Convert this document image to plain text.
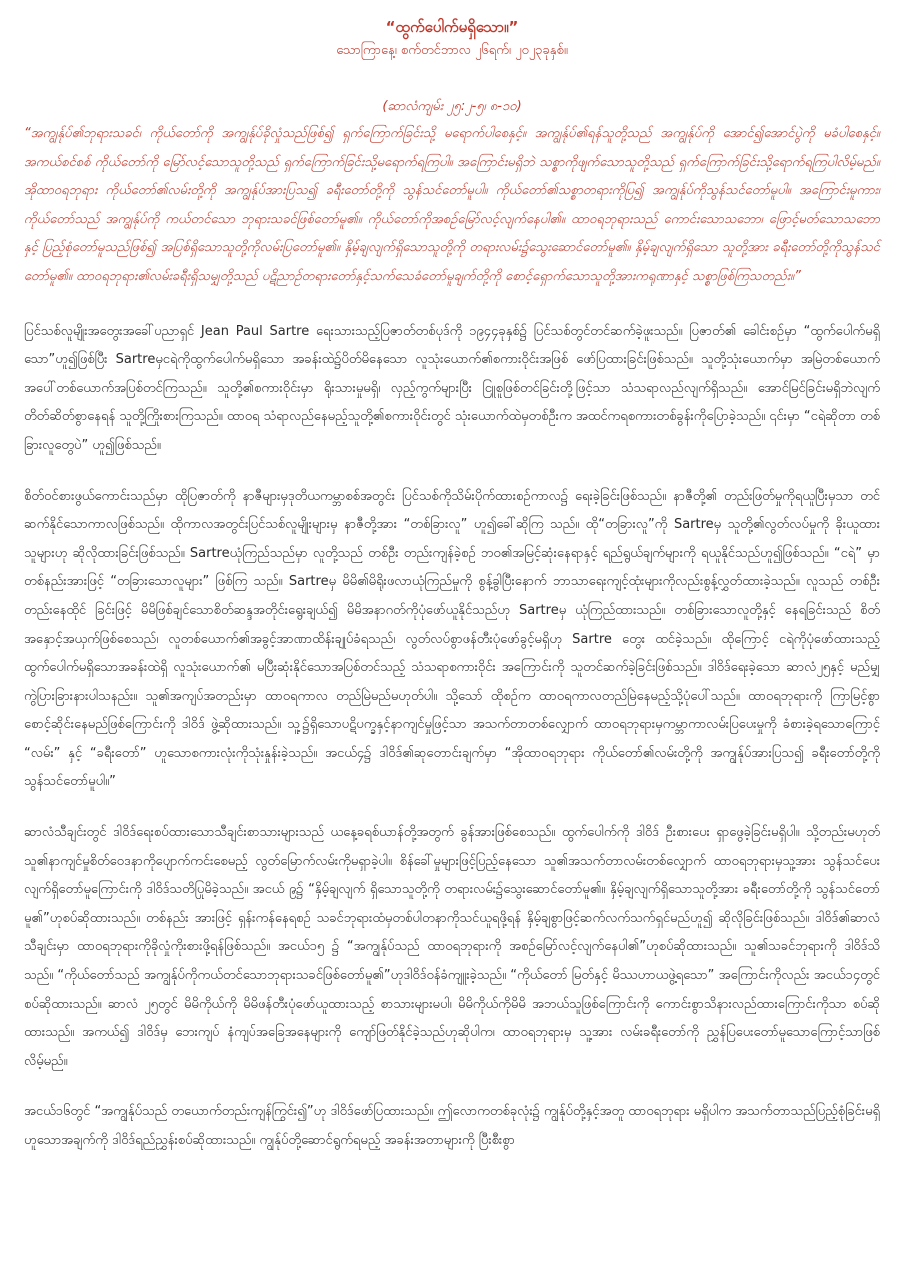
“ထွက်ပေါက်မရှိသော။”

သောကြာနေ့၊ စက်တင်ဘာလ ၂၆ရက်၊ ၂၀၂၃ခုနှစ်။

(ဆာလံကျမ်း ၂၅:၂-၅၊ ၈-၁၀)

“အကျွန်ုပ်၏ဘုရားသခင်၊ ကိုယ်တော်ကို အကျွန်ုပ်ခိုလှုံသည်ဖြစ်၍ ရှက်ကြောက်ခြင်းသို့ မရောက်ပါစေနှင့်။ အကျွန်ုပ်၏ရန်သူတို့သည် အကျွန်ုပ်ကို အောင်၍အောင်ပွဲကို မခံပါစေနှင့်။ အကယ်စင်စစ် ကိုယ်တော်ကို မြော်လင့်သောသူတို့သည် ရှက်ကြောက်ခြင်းသို့မရောက်ရကြပါ။ အကြောင်းမရှိဘဲ သစ္စာကိုဖျက်သောသူတို့သည် ရှက်ကြောက်ခြင်းသို့ရောက်ရကြပါလိမ့်မည်။ အိုထာဝရဘုရား ကိုယ်တော်၏လမ်းတို့ကို အကျွန်ုပ်အားပြသ၍ ခရီးတော်တို့ကို သွန်သင်တော်မူပါ။ ကိုယ်တော်၏သစ္စာတရားကိုပြ၍ အကျွန်ုပ်ကိုသွန်သင်တော်မူပါ။ အကြောင်းမူကား၊ ကိုယ်တော်သည် အကျွန်ုပ်ကို ကယ်တင်သော ဘုရားသခင်ဖြစ်တော်မူ၏။ ကိုယ်တော်ကိုအစဉ်မြော်လင့်လျက်နေပါ၏။ ထာဝရဘုရားသည် ကောင်းသောသဘော၊ ဖြောင့်မတ်သောသဘောနှင့် ပြည့်စုံတော်မူသည်ဖြစ်၍ အပြစ်ရှိသောသူတို့ကိုလမ်းပြတော်မူ၏။ နှိမ့်ချလျက်ရှိသောသူတို့ကို တရားလမ်း၌သွေးဆောင်တော်မူ၏။ နှိမ့်ချလျက်ရှိသော သူတို့အား ခရီးတော်တို့ကိုသွန်သင်တော်မူ၏။ ထာဝရဘုရား၏လမ်းခရီးရှိသမျှတို့သည် ပဋိညာဉ်တရားတော်နှင့်သက်သေခံတော်မူချက်တို့ကို စောင့်ရှောက်သောသူတို့အားကရုဏာနှင့် သစ္စာဖြစ်ကြသတည်း။”

ပြင်သစ်လူမျိုးအတွေးအခေါ်ပညာရှင် Jean Paul Sartre ရေးသားသည့်ပြဇာတ်တစ်ပုဒ်ကို ၁၉၄၄ခုနှစ်၌ ပြင်သစ်တွင်တင်ဆက်ခဲ့ဖူးသည်။ ပြဇာတ်၏ ခေါင်းစဉ်မှာ “ထွက်ပေါက်မရှိသော”ဟူ၍ဖြစ်ပြီး Sartreမှငရဲကိုထွက်ပေါက်မရှိသော အခန်းထဲ၌ပိတ်မိနေသော လူသုံးယောက်၏စကားဝိုင်းအဖြစ် ဖော်ပြထားခြင်းဖြစ်သည်။ သူတို့သုံးယောက်မှာ အမြဲတစ်ယောက်အပေါ်တစ်ယောက်အပြစ်တင်ကြသည်။ သူတို့၏စကားဝိုင်းမှာ ရိုးသားမှုမရှိ၊ လှည့်ကွက်များပြီး ငြူစူဖြစ်တင်ခြင်းတို့ဖြင့်သာ သံသရာလည်လျက်ရှိသည်။ အောင်မြင်ခြင်းမရှိဘဲလျက် တိတ်ဆိတ်စွာနေရန် သူတို့ကြိုးစားကြသည်။ ထာဝရ သံရာလည်နေမည့်သူတို့၏စကားဝိုင်းတွင် သုံးယောက်ထဲမှတစ်ဦးက အထင်ကရစကားတစ်ခွန်းကိုပြောခဲ့သည်။ ၎င်းမှာ “ငရဲဆိုတာ တစ်ခြားလူတွေပဲ” ဟူ၍ဖြစ်သည်။

စိတ်ဝင်စားဖွယ်ကောင်းသည်မှာ ထိုပြဇာတ်ကို နာဇီများမှဒုတိယကမ္ဘာစစ်အတွင်း ပြင်သစ်ကိုသိမ်းပိုက်ထားစဉ်ကာလ၌ ရေးခဲ့ခြင်းဖြစ်သည်။ နာဇီတို့၏ တည်းဖြတ်မှုကိုရယူပြီးမှသာ တင်ဆက်နိုင်သောကာလဖြစ်သည်။ ထိုကာလအတွင်းပြင်သစ်လူမျိုးများမှ နာဇီတို့အား “တစ်ခြားလူ” ဟူ၍ခေါ်ဆိုကြ သည်။ ထို“တခြားလူ”ကို Sartreမှ သူတို့၏လွတ်လပ်မှုကို ခိုးယူထားသူများဟု ဆိုလိုထားခြင်းဖြစ်သည်။ Sartreယုံကြည်သည်မှာ လူတို့သည် တစ်ဦး တည်းကျန်ခဲ့စဉ် ဘဝ၏အမြင့်ဆုံးနေရာနှင့် ရည်ရွယ်ချက်များကို ရယူနိုင်သည်ဟူ၍ဖြစ်သည်။ “ငရဲ” မှာ တစ်နည်းအားဖြင့် “တခြားသောလူများ” ဖြစ်ကြ သည်။ Sartreမှ မိမိ၏မိရိုးဖလာယုံကြည်မှုကို စွန့်ခွါပြီးနောက် ဘာသာရေးကျင့်ထုံးများကိုလည်းစွန့်လွှတ်ထားခဲ့သည်။ လူသည် တစ်ဦးတည်းနေထိုင် ခြင်းဖြင့် မိမိဖြစ်ချင်သောစိတ်ဆန္ဒအတိုင်းရွေးချယ်၍ မိမိအနာဂတ်ကိုပုံဖော်ယူနိုင်သည်ဟု Sartreမှ ယုံကြည်ထားသည်။ တစ်ခြားသောလူတို့နှင့် နေရခြင်းသည် စိတ်အနှောင့်အယှက်ဖြစ်စေသည်၊ လူတစ်ယောက်၏အခွင့်အာဏာထိန်းချုပ်ခံရသည်၊ လွတ်လပ်စွာဖန်တီးပုံဖော်ခွင့်မရှိဟု Sartre တွေး ထင်ခဲ့သည်။ ထိုကြောင့် ငရဲကိုပုံဖော်ထားသည့် ထွက်ပေါက်မရှိသောအခန်းထဲရှိ လူသုံးယောက်၏ မပြီးဆုံးနိုင်သောအပြစ်တင်သည့် သံသရာစကားဝိုင်း အကြောင်းကို သူတင်ဆက်ခဲ့ခြင်းဖြစ်သည်။ ဒါဝိဒ်ရေးခဲ့သော ဆာလံ၂၅နှင့် မည်မျှကွဲပြားခြားနားပါသနည်း။ သူ၏အကျပ်အတည်းမှာ ထာဝရကာလ တည်မြဲမည်မဟုတ်ပါ။ သို့သော် ထိုစဉ်က ထာဝရကာလတည်မြဲနေမည့်သို့ပုံပေါ်သည်။ ထာဝရဘုရားကို ကြာမြင့်စွာစောင့်ဆိုင်းနေမည်ဖြစ်ကြောင်းကို ဒါဝိဒ် ဖွဲ့ဆိုထားသည်။ သူ့၌ရှိသောပဋိပက္ခနှင့်နာကျင်မှုဖြင့်သာ အသက်တာတစ်လျှောက် ထာဝရဘုရားမှကမ္ဘာကာလမ်းပြပေးမှုကို ခံစားခဲ့ရသောကြောင့် “လမ်း” နှင့် “ခရီးတော်” ဟူသောစကားလုံးကိုသုံးနှုန်းခဲ့သည်။ အငယ်၄၌ ဒါဝိဒ်၏ဆုတောင်းချက်မှာ “အိုထာဝရဘုရား ကိုယ်တော်၏လမ်းတို့ကို အကျွန်ုပ်အားပြသ၍ ခရီးတော်တို့ကို သွန်သင်တော်မူပါ။”

ဆာလံသီချင်းတွင် ဒါဝိဒ်ရေးစပ်ထားသောသီချင်းစာသားများသည် ယနေ့ခရစ်ယာန်တို့အတွက် ခွန်အားဖြစ်စေသည်။ ထွက်ပေါက်ကို ဒါဝိဒ် ဦးစားပေး ရှာဖွေခဲ့ခြင်းမရှိပါ။ သို့တည်းမဟုတ် သူ၏နာကျင်မှုစိတ်ဝေဒနာကိုပျောက်ကင်းစေမည့် လွတ်မြောက်လမ်းကိုမရှာခဲ့ပါ။ စိန်ခေါ်မှုများဖြင့်ပြည့်နေသော သူ၏အသက်တာလမ်းတစ်လျှောက် ထာဝရဘုရားမှသူ့အား သွန်သင်ပေးလျက်ရှိတော်မူကြောင်းကို ဒါဝိဒ်သတိပြုမိခဲ့သည်။ အငယ် ၉၌ “နှိမ့်ချလျက် ရှိသောသူတို့ကို တရားလမ်း၌သွေးဆောင်တော်မူ၏။ နှိမ့်ချလျက်ရှိသောသူတို့အား ခရီးတော်တို့ကို သွန်သင်တော်မူ၏”ဟုစပ်ဆိုထားသည်။ တစ်နည်း အားဖြင့် ရှန်းကန်နေရစဉ် သခင်ဘုရားထံမှတစ်ပါတနာကိုသင်ယူရဖို့ရန် နှိမ့်ချစွာဖြင့်ဆက်လက်သက်ရှင်မည်ဟူ၍ ဆိုလိုခြင်းဖြစ်သည်။ ဒါဝိဒ်၏ဆာလံ သီချင်းမှာ ထာဝရဘုရားကိုခိုလှုံကိုးစားဖို့ရန်ဖြစ်သည်။ အငယ်၁၅ ၌ “အကျွန်ုပ်သည် ထာဝရဘုရားကို အစဉ်မြော်လင့်လျက်နေပါ၏”ဟုစပ်ဆိုထားသည်။ သူ၏သခင်ဘုရားကို ဒါဝိဒ်သိသည်။ “ကိုယ်တော်သည် အကျွန်ုပ်ကိုကယ်တင်သောဘုရားသခင်ဖြစ်တော်မူ၏”ဟုဒါဝိဒ်ဝန်ခံကျူးခဲ့သည်။ “ကိုယ်တော် မြတ်နှင့် မိဿဟာယဖွဲ့ရသော” အကြောင်းကိုလည်း အငယ်၁၄တွင် စပ်ဆိုထားသည်။ ဆာလံ ၂၅တွင် မိမိကိုယ်ကို မိမိဖန်တီးပုံဖော်ယူထားသည့် စာသားများမပါ၊ မိမိကိုယ်ကိုမိမိ အဘယ်သူဖြစ်ကြောင်းကို ကောင်းစွာသိနားလည်ထားကြောင်းကိုသာ စပ်ဆိုထားသည်။ အကယ်၍ ဒါဝိဒ်မှ ဘေးကျပ် နံကျပ်အခြေအနေများကို ကျော်ဖြတ်နိုင်ခဲ့သည်ဟုဆိုပါက၊ ထာဝရဘုရားမှ သူ့အား လမ်းခရီးတော်ကို ညွှန်ပြပေးတော်မူသောကြောင့်သာဖြစ်လိမ့်မည်။

အငယ်၁၆တွင် “အကျွန်ုပ်သည် တယောက်တည်းကျန်ကြွင်း၍”ဟု ဒါဝိဒ်ဖော်ပြထားသည်။ ဤလောကတစ်ခုလုံး၌ ကျွန်ုပ်တို့နှင့်အတူ ထာဝရဘုရား မရှိပါက အသက်တာသည်ပြည့်စုံခြင်းမရှိဟူသောအချက်ကို ဒါဝိဒ်ရည်ညွှန်းစပ်ဆိုထားသည်။ ကျွန်ုပ်တို့ဆောင်ရွက်ရမည့် အခန်းအတာများကို ပြီးစီးစွာ
